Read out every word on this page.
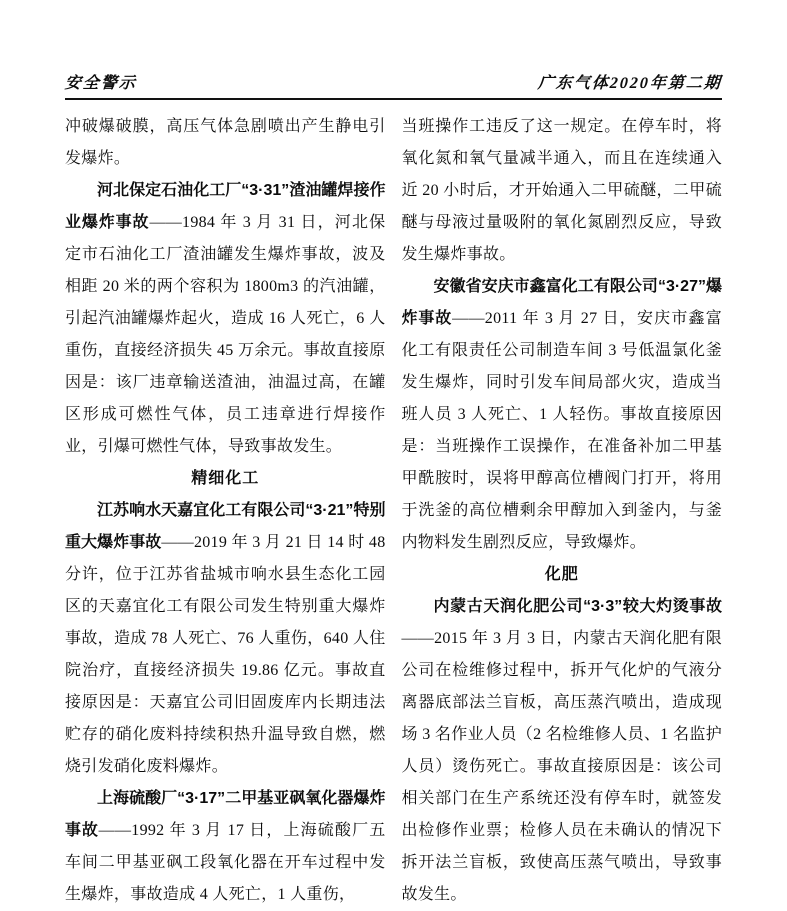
安全警示	广东气体2020年第二期

冲破爆破膜，高压气体急剧喷出产生静电引发爆炸。

河北保定石油化工厂“3·31”渣油罐焊接作业爆炸事故——1984 年 3 月 31 日，河北保定市石油化工厂渣油罐发生爆炸事故，波及相距 20 米的两个容积为 1800m3 的汽油罐，引起汽油罐爆炸起火，造成 16 人死亡，6 人重伤，直接经济损失 45 万余元。事故直接原因是：该厂违章输送渣油，油温过高，在罐区形成可燃性气体，员工违章进行焊接作业，引爆可燃性气体，导致事故发生。

精细化工

江苏响水天嘉宜化工有限公司“3·21”特别重大爆炸事故——2019 年 3 月 21 日 14 时 48 分许，位于江苏省盐城市响水县生态化工园区的天嘉宜化工有限公司发生特别重大爆炸事故，造成 78 人死亡、76 人重伤，640 人住院治疗，直接经济损失 19.86 亿元。事故直接原因是：天嘉宜公司旧固废库内长期违法贮存的硝化废料持续积热升温导致自燃，燃烧引发硝化废料爆炸。

上海硫酸厂“3·17”二甲基亚砜氧化器爆炸事故——1992 年 3 月 17 日，上海硫酸厂五车间二甲基亚砜工段氧化器在开车过程中发生爆炸，事故造成 4 人死亡，1 人重伤，

当班操作工违反了这一规定。在停车时，将氧化氮和氧气量减半通入，而且在连续通入近 20 小时后，才开始通入二甲硫醚，二甲硫醚与母液过量吸附的氧化氮剧烈反应，导致发生爆炸事故。

安徽省安庆市鑫富化工有限公司“3·27”爆炸事故——2011 年 3 月 27 日，安庆市鑫富化工有限责任公司制造车间 3 号低温氯化釜发生爆炸，同时引发车间局部火灾，造成当班人员 3 人死亡、1 人轻伤。事故直接原因是：当班操作工误操作，在准备补加二甲基甲酰胺时，误将甲醇高位槽阀门打开，将用于洗釜的高位槽剩余甲醇加入到釜内，与釜内物料发生剧烈反应，导致爆炸。

化肥

内蒙古天润化肥公司“3·3”较大灼烫事故——2015 年 3 月 3 日，内蒙古天润化肥有限公司在检维修过程中，拆开气化炉的气液分离器底部法兰盲板，高压蒸汽喷出，造成现场 3 名作业人员（2 名检维修人员、1 名监护人员）烫伤死亡。事故直接原因是：该公司相关部门在生产系统还没有停车时，就签发出检修作业票；检修人员在未确认的情况下拆开法兰盲板，致使高压蒸气喷出，导致事故发生。
